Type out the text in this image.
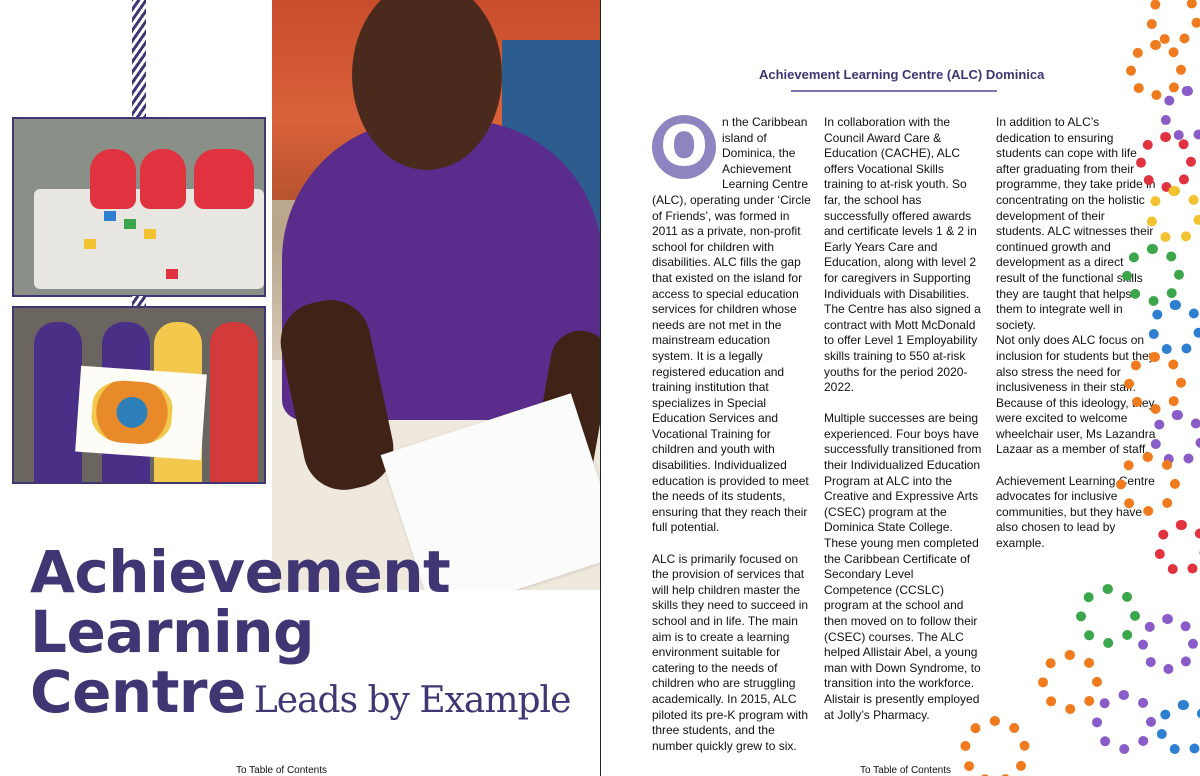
Achievement
Learning
Centre Leads by Example
To Table of Contents
Achievement Learning Centre (ALC) Dominica
O	n the Caribbean island of Dominica, the Achievement Learning Centre (ALC), operating under ‘Circle of Friends’, was formed in 2011 as a private, non-profit school for children with disabilities. ALC fills the gap that existed on the island for access to special education services for children whose needs are not met in the mainstream education system. It is a legally registered education and training institution that specializes in Special Education Services and Vocational Training for children and youth with disabilities. Individualized education is provided to meet the needs of its students, ensuring that they reach their full potential.

ALC is primarily focused on the provision of services that will help children master the skills they need to succeed in school and in life. The main aim is to create a learning environment suitable for catering to the needs of children who are struggling academically. In 2015, ALC piloted its pre-K program with three students, and the number quickly grew to six.

In collaboration with the Council Award Care & Education (CACHE), ALC offers Vocational Skills training to at-risk youth. So far, the school has successfully offered awards and certificate levels 1 & 2 in Early Years Care and Education, along with level 2 for caregivers in Supporting Individuals with Disabilities. The Centre has also signed a contract with Mott McDonald to offer Level 1 Employability skills training to 550 at-risk youths for the period 2020-2022.

Multiple successes are being experienced. Four boys have successfully transitioned from their Individualized Education Program at ALC into the Creative and Expressive Arts (CSEC) program at the Dominica State College. These young men completed the Caribbean Certificate of Secondary Level Competence (CCSLC) program at the school and then moved on to follow their (CSEC) courses. The ALC helped Allistair Abel, a young man with Down Syndrome, to transition into the workforce. Alistair is presently employed at Jolly’s Pharmacy.

In addition to ALC’s dedication to ensuring students can cope with life after graduating from their programme, they take pride in concentrating on the holistic development of their students. ALC witnesses their continued growth and development as a direct result of the functional skills they are taught that helps them to integrate well in society.

Not only does ALC focus on inclusion for students but they also stress the need for inclusiveness in their staff. Because of this ideology, they were excited to welcome wheelchair user, Ms Lazandra Lazaar as a member of staff.

Achievement Learning Centre advocates for inclusive communities, but they have also chosen to lead by example.

To Table of Contents
